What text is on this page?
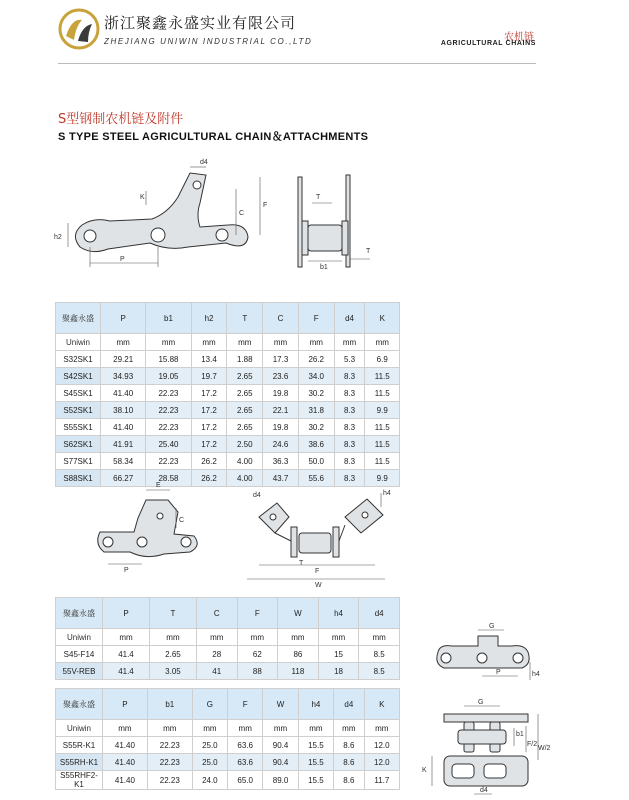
浙江聚鑫永盛实业有限公司
ZHEJIANG UNIWIN INDUSTRIAL CO.,LTD	农机链
AGRICULTURAL CHAINS
S型钢制农机链及附件
S TYPE STEEL AGRICULTURAL CHAIN＆ATTACHMENTS
d4
K
C
F
h2
P
T
b1
T
聚鑫永盛	P	b1	h2	T	C	F	d4	K
Uniwin	mm	mm	mm	mm	mm	mm	mm	mm
S32SK1	29.21	15.88	13.4	1.88	17.3	26.2	5.3	6.9
S42SK1	34.93	19.05	19.7	2.65	23.6	34.0	8.3	11.5
S45SK1	41.40	22.23	17.2	2.65	19.8	30.2	8.3	11.5
S52SK1	38.10	22.23	17.2	2.65	22.1	31.8	8.3	9.9
S55SK1	41.40	22.23	17.2	2.65	19.8	30.2	8.3	11.5
S62SK1	41.91	25.40	17.2	2.50	24.6	38.6	8.3	11.5
S77SK1	58.34	22.23	26.2	4.00	36.3	50.0	8.3	11.5
S88SK1	66.27	28.58	26.2	4.00	43.7	55.6	8.3	9.9
E
C
P
d4	h4
T
F
W
聚鑫永盛	P	T	C	F	W	h4	d4
Uniwin	mm	mm	mm	mm	mm	mm	mm
S45-F14	41.4	2.65	28	62	86	15	8.5
55V-REB	41.4	3.05	41	88	118	18	8.5
G
P	h4
聚鑫永盛	P	b1	G	F	W	h4	d4	K
Uniwin	mm	mm	mm	mm	mm	mm	mm	mm
S55R-K1	41.40	22.23	25.0	63.6	90.4	15.5	8.6	12.0
S55RH-K1	41.40	22.23	25.0	63.6	90.4	15.5	8.6	12.0
S55RHF2-K1	41.40	22.23	24.0	65.0	89.0	15.5	8.6	11.7
G
b1
K
F/2
W/2
d4
